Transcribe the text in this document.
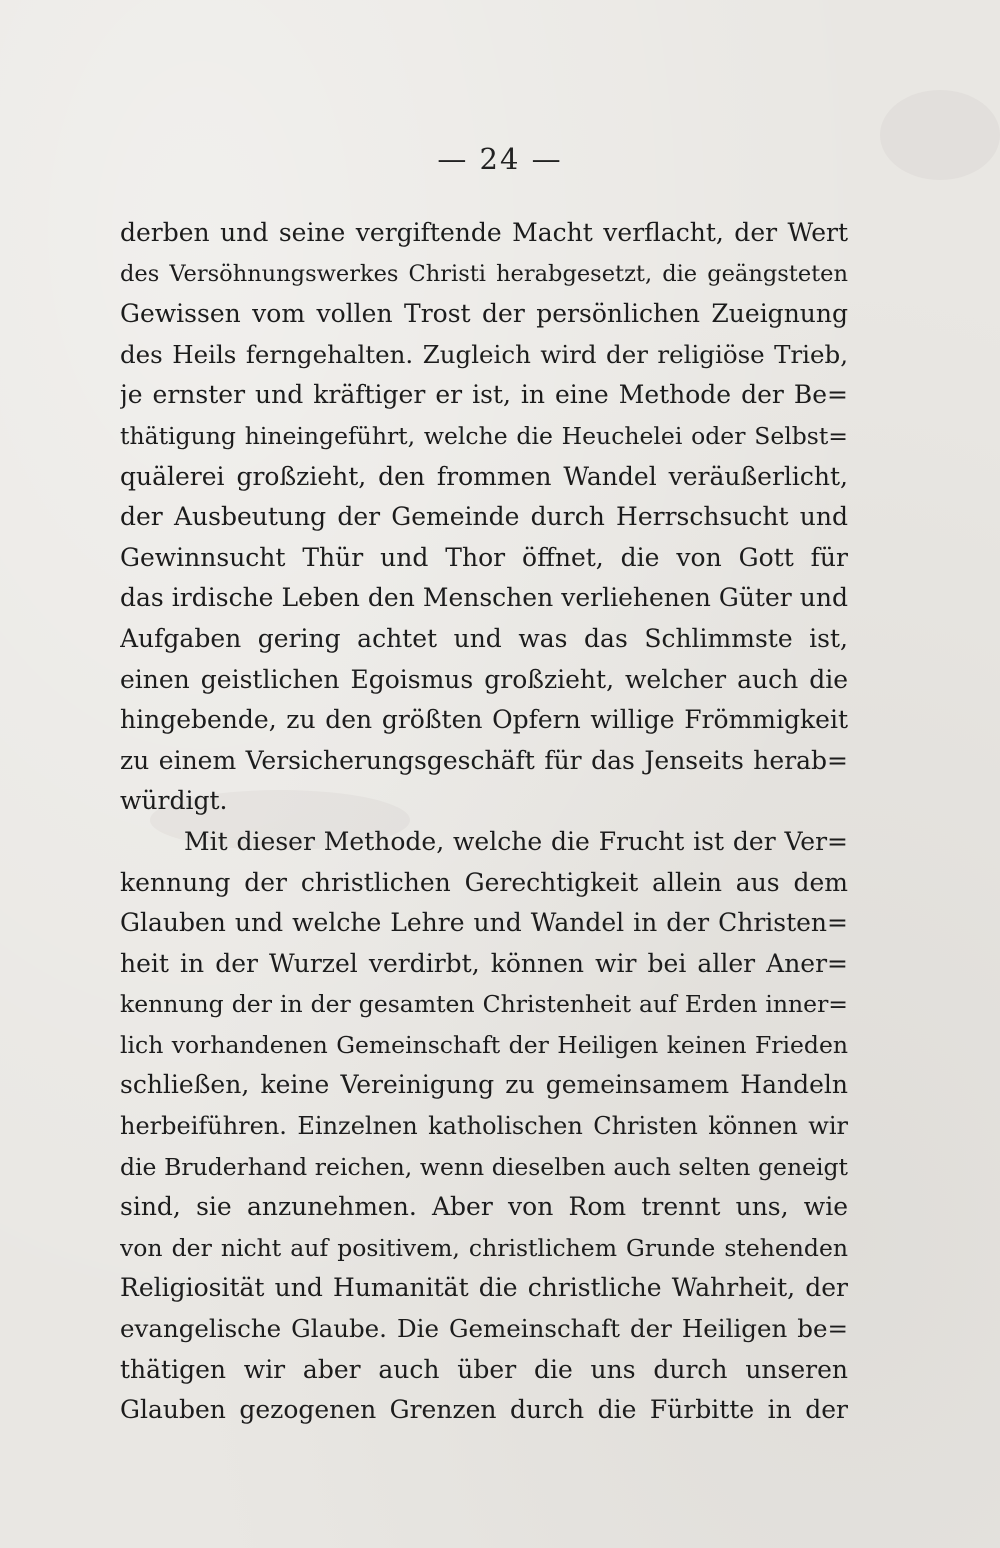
— 24 —
derben und seine vergiftende Macht verflacht, der Wert
des Versöhnungswerkes Christi herabgesetzt, die geängsteten
Gewissen vom vollen Trost der persönlichen Zueignung
des Heils ferngehalten. Zugleich wird der religiöse Trieb,
je ernster und kräftiger er ist, in eine Methode der Be=
thätigung hineingeführt, welche die Heuchelei oder Selbst=
quälerei großzieht, den frommen Wandel veräußerlicht,
der Ausbeutung der Gemeinde durch Herrschsucht und
Gewinnsucht Thür und Thor öffnet, die von Gott für
das irdische Leben den Menschen verliehenen Güter und
Aufgaben gering achtet und was das Schlimmste ist,
einen geistlichen Egoismus großzieht, welcher auch die
hingebende, zu den größten Opfern willige Frömmigkeit
zu einem Versicherungsgeschäft für das Jenseits herab=
würdigt.
Mit dieser Methode, welche die Frucht ist der Ver=
kennung der christlichen Gerechtigkeit allein aus dem
Glauben und welche Lehre und Wandel in der Christen=
heit in der Wurzel verdirbt, können wir bei aller Aner=
kennung der in der gesamten Christenheit auf Erden inner=
lich vorhandenen Gemeinschaft der Heiligen keinen Frieden
schließen, keine Vereinigung zu gemeinsamem Handeln
herbeiführen. Einzelnen katholischen Christen können wir
die Bruderhand reichen, wenn dieselben auch selten geneigt
sind, sie anzunehmen. Aber von Rom trennt uns, wie
von der nicht auf positivem, christlichem Grunde stehenden
Religiosität und Humanität die christliche Wahrheit, der
evangelische Glaube. Die Gemeinschaft der Heiligen be=
thätigen wir aber auch über die uns durch unseren
Glauben gezogenen Grenzen durch die Fürbitte in der
